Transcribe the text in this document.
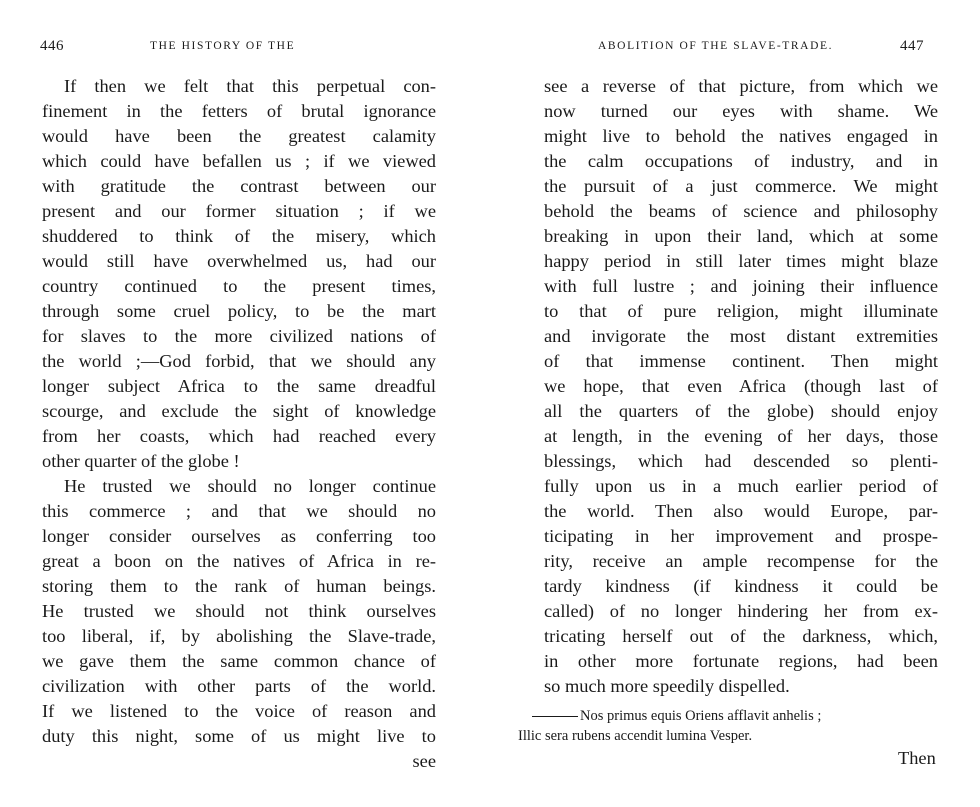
446	THE HISTORY OF THE
If then we felt that this perpetual con-
finement in the fetters of brutal ignorance
would have been the greatest calamity
which could have befallen us ; if we viewed
with gratitude the contrast between our
present and our former situation ; if we
shuddered to think of the misery, which
would still have overwhelmed us, had our
country continued to the present times,
through some cruel policy, to be the mart
for slaves to the more civilized nations of
the world ;—God forbid, that we should any
longer subject Africa to the same dreadful
scourge, and exclude the sight of knowledge
from her coasts, which had reached every
other quarter of the globe !
He trusted we should no longer continue
this commerce ; and that we should no
longer consider ourselves as conferring too
great a boon on the natives of Africa in re-
storing them to the rank of human beings.
He trusted we should not think ourselves
too liberal, if, by abolishing the Slave-trade,
we gave them the same common chance of
civilization with other parts of the world.
If we listened to the voice of reason and
duty this night, some of us might live to
see
ABOLITION OF THE SLAVE-TRADE.	447
see a reverse of that picture, from which we
now turned our eyes with shame. We
might live to behold the natives engaged in
the calm occupations of industry, and in
the pursuit of a just commerce. We might
behold the beams of science and philosophy
breaking in upon their land, which at some
happy period in still later times might blaze
with full lustre ; and joining their influence
to that of pure religion, might illuminate
and invigorate the most distant extremities
of that immense continent. Then might
we hope, that even Africa (though last of
all the quarters of the globe) should enjoy
at length, in the evening of her days, those
blessings, which had descended so plenti-
fully upon us in a much earlier period of
the world. Then also would Europe, par-
ticipating in her improvement and prospe-
rity, receive an ample recompense for the
tardy kindness (if kindness it could be
called) of no longer hindering her from ex-
tricating herself out of the darkness, which,
in other more fortunate regions, had been
so much more speedily dispelled.
Then
Nos primus equis Oriens afflavit anhelis ;
Illic sera rubens accendit lumina Vesper.
